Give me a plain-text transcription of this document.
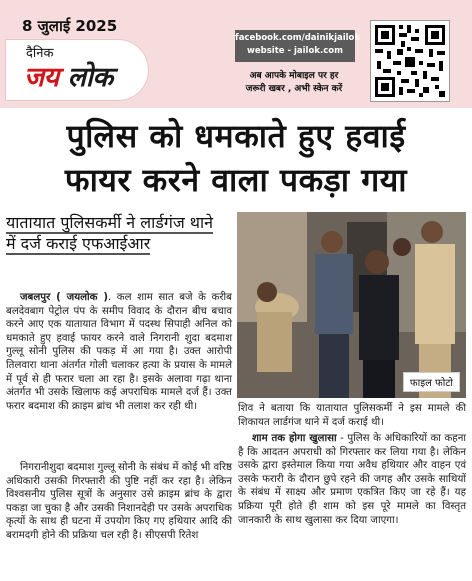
8 जुलाई 2025
दैनिक
जय लोक
facebook.com/dainikjailok
website - jailok.com
अब आपके मोबाइल पर हर
जरूरी खबर , अभी स्केन करें
पुलिस को धमकाते हुए हवाई
फायर करने वाला पकड़ा गया
यातायात पुलिसकर्मी ने लार्डगंज थाने में दर्ज कराई एफआईआर
जबलपुर ( जयलोक ). कल शाम सात बजे के करीब बलदेवबाग पेट्रोल पंप के समीप विवाद के दौरान बीच बचाव करने आए एक यातायात विभाग में पदस्थ सिपाही अनिल को धमकाते हुए हवाई फायर करने वाले निगरानी शुदा बदमाश गुल्लू सोनी पुलिस की पकड़ में आ गया है। उक्त आरोपी तिलवारा थाना अंतर्गत गोली चलाकर हत्या के प्रयास के मामले में पूर्व से ही फरार चला आ रहा है। इसके अलावा गढ़ा थाना अंतर्गत भी उसके खिलाफ कई अपराधिक मामले दर्ज हैं। उक्त फरार बदमाश की क्राइम ब्रांच भी तलाश कर रही थी।
निगरानीशुदा बदमाश गुल्लू सोनी के संबंध में कोई भी वरिष्ठ अधिकारी उसकी गिरफ्तारी की पुष्टि नहीं कर रहा है। लेकिन विश्वसनीय पुलिस सूत्रों के अनुसार उसे क्राइम ब्रांच के द्वारा पकड़ा जा चुका है और उसकी निशानदेही पर उसके अपराधिक कृत्यों के साथ ही घटना में उपयोग किए गए हथियार आदि की बरामदगी होने की प्रक्रिया चल रही है। सीएसपी रितेश
फाइल फोटो
शिव ने बताया कि यातायात पुलिसकर्मी ने इस मामले की शिकायत लार्डगंज थाने में दर्ज कराई थी।
शाम तक होगा खुलासा - पुलिस के अधिकारियों का कहना है कि आदतन अपराधी को गिरफ्तार कर लिया गया है। लेकिन उसके द्वारा इस्तेमाल किया गया अवैध हथियार और वाहन एवं उसके फरारी के दौरान छुपे रहने की जगह और उसके साथियों के संबंध में साक्ष्य और प्रमाण एकत्रित किए जा रहे हैं। यह प्रक्रिया पूरी होते ही शाम को इस पूरे मामले का विस्तृत जानकारी के साथ खुलासा कर दिया जाएगा।
